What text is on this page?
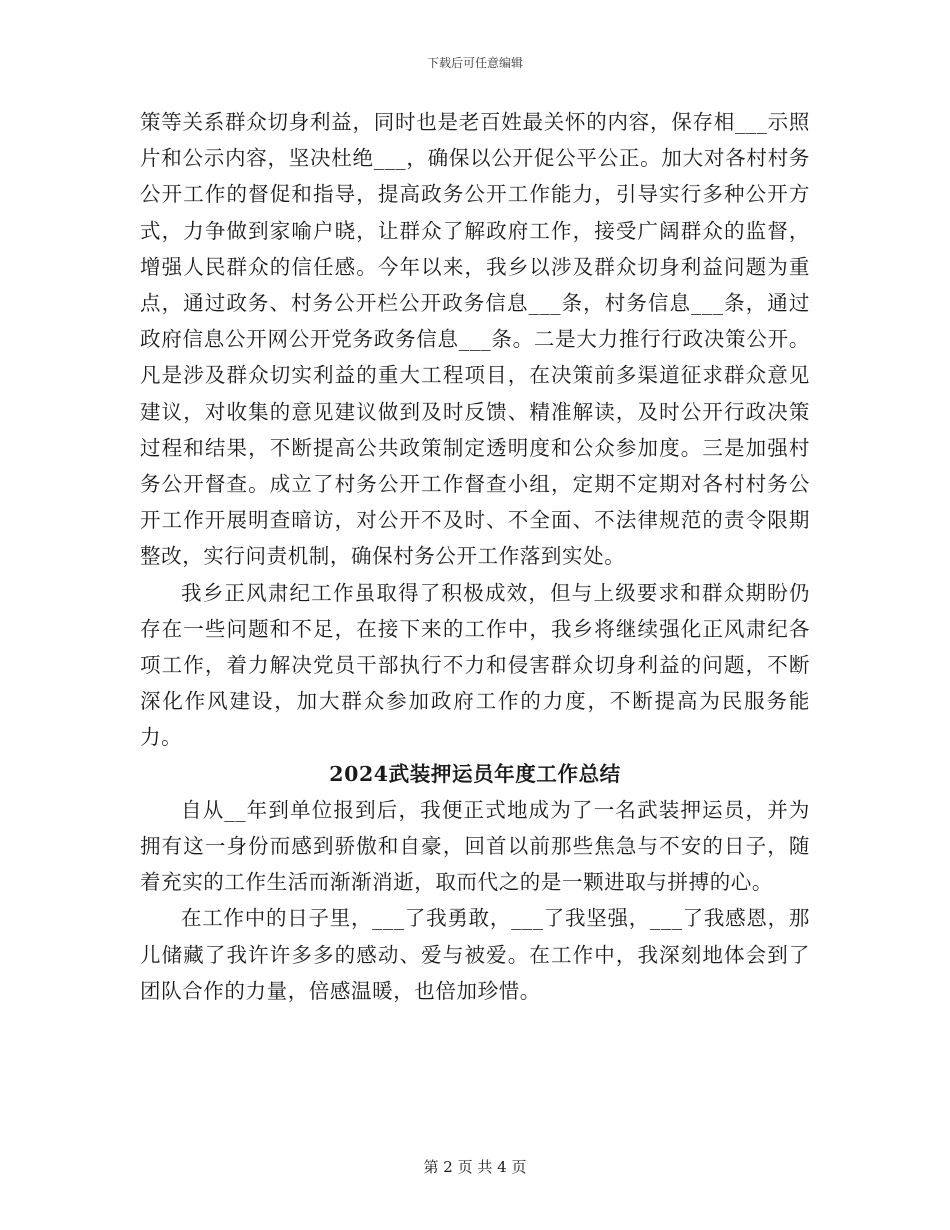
下载后可任意编辑

策等关系群众切身利益，同时也是老百姓最关怀的内容，保存相___示照片和公示内容，坚决杜绝___，确保以公开促公平公正。加大对各村村务公开工作的督促和指导，提高政务公开工作能力，引导实行多种公开方式，力争做到家喻户晓，让群众了解政府工作，接受广阔群众的监督，增强人民群众的信任感。今年以来，我乡以涉及群众切身利益问题为重点，通过政务、村务公开栏公开政务信息___条，村务信息___条，通过政府信息公开网公开党务政务信息___条。二是大力推行行政决策公开。凡是涉及群众切实利益的重大工程项目，在决策前多渠道征求群众意见建议，对收集的意见建议做到及时反馈、精准解读，及时公开行政决策过程和结果，不断提高公共政策制定透明度和公众参加度。三是加强村务公开督查。成立了村务公开工作督查小组，定期不定期对各村村务公开工作开展明查暗访，对公开不及时、不全面、不法律规范的责令限期整改，实行问责机制，确保村务公开工作落到实处。

我乡正风肃纪工作虽取得了积极成效，但与上级要求和群众期盼仍存在一些问题和不足，在接下来的工作中，我乡将继续强化正风肃纪各项工作，着力解决党员干部执行不力和侵害群众切身利益的问题，不断深化作风建设，加大群众参加政府工作的力度，不断提高为民服务能力。

2024武装押运员年度工作总结

自从__年到单位报到后，我便正式地成为了一名武装押运员，并为拥有这一身份而感到骄傲和自豪，回首以前那些焦急与不安的日子，随着充实的工作生活而渐渐消逝，取而代之的是一颗进取与拼搏的心。

在工作中的日子里，___了我勇敢，___了我坚强，___了我感恩，那儿储藏了我许许多多的感动、爱与被爱。在工作中，我深刻地体会到了团队合作的力量，倍感温暖，也倍加珍惜。

第 2 页 共 4 页
